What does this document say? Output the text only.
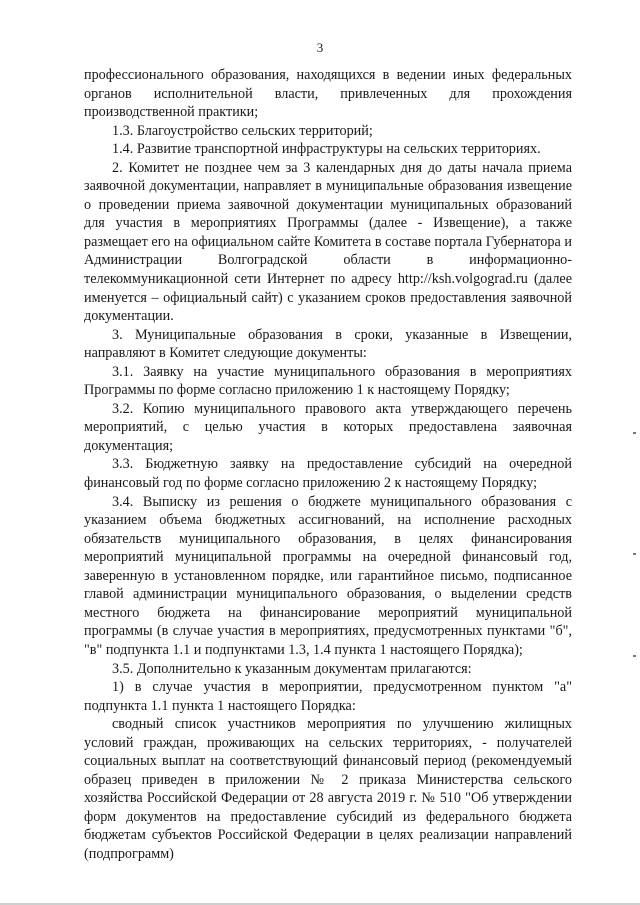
3

профессионального образования, находящихся в ведении иных федеральных органов исполнительной власти, привлеченных для прохождения производственной практики;

1.3. Благоустройство сельских территорий;

1.4. Развитие транспортной инфраструктуры на сельских территориях.

2. Комитет не позднее чем за 3 календарных дня до даты начала приема заявочной документации, направляет в муниципальные образования извещение о проведении приема заявочной документации муниципальных образований для участия в мероприятиях Программы (далее - Извещение), а также размещает его на официальном сайте Комитета в составе портала Губернатора и Администрации Волгоградской области в информационно-телекоммуникационной сети Интернет по адресу http://ksh.volgograd.ru (далее именуется – официальный сайт) с указанием сроков предоставления заявочной документации.

3. Муниципальные образования в сроки, указанные в Извещении, направляют в Комитет следующие документы:

3.1. Заявку на участие муниципального образования в мероприятиях Программы по форме согласно приложению 1 к настоящему Порядку;

3.2. Копию муниципального правового акта утверждающего перечень мероприятий, с целью участия в которых предоставлена заявочная документация;

3.3. Бюджетную заявку на предоставление субсидий на очередной финансовый год по форме согласно приложению 2 к настоящему Порядку;

3.4. Выписку из решения о бюджете муниципального образования с указанием объема бюджетных ассигнований, на исполнение расходных обязательств муниципального образования, в целях финансирования мероприятий муниципальной программы на очередной финансовый год, заверенную в установленном порядке, или гарантийное письмо, подписанное главой администрации муниципального образования, о выделении средств местного бюджета на финансирование мероприятий муниципальной программы (в случае участия в мероприятиях, предусмотренных пунктами "б", "в" подпункта 1.1 и подпунктами 1.3, 1.4 пункта 1 настоящего Порядка);

3.5. Дополнительно к указанным документам прилагаются:

1) в случае участия в мероприятии, предусмотренном пунктом "а" подпункта 1.1 пункта 1 настоящего Порядка:

сводный список участников мероприятия по улучшению жилищных условий граждан, проживающих на сельских территориях, - получателей социальных выплат на соответствующий финансовый период (рекомендуемый образец приведен в приложении № 2 приказа Министерства сельского хозяйства Российской Федерации от 28 августа 2019 г. № 510 "Об утверждении форм документов на предоставление субсидий из федерального бюджета бюджетам субъектов Российской Федерации в целях реализации направлений (подпрограмм)
